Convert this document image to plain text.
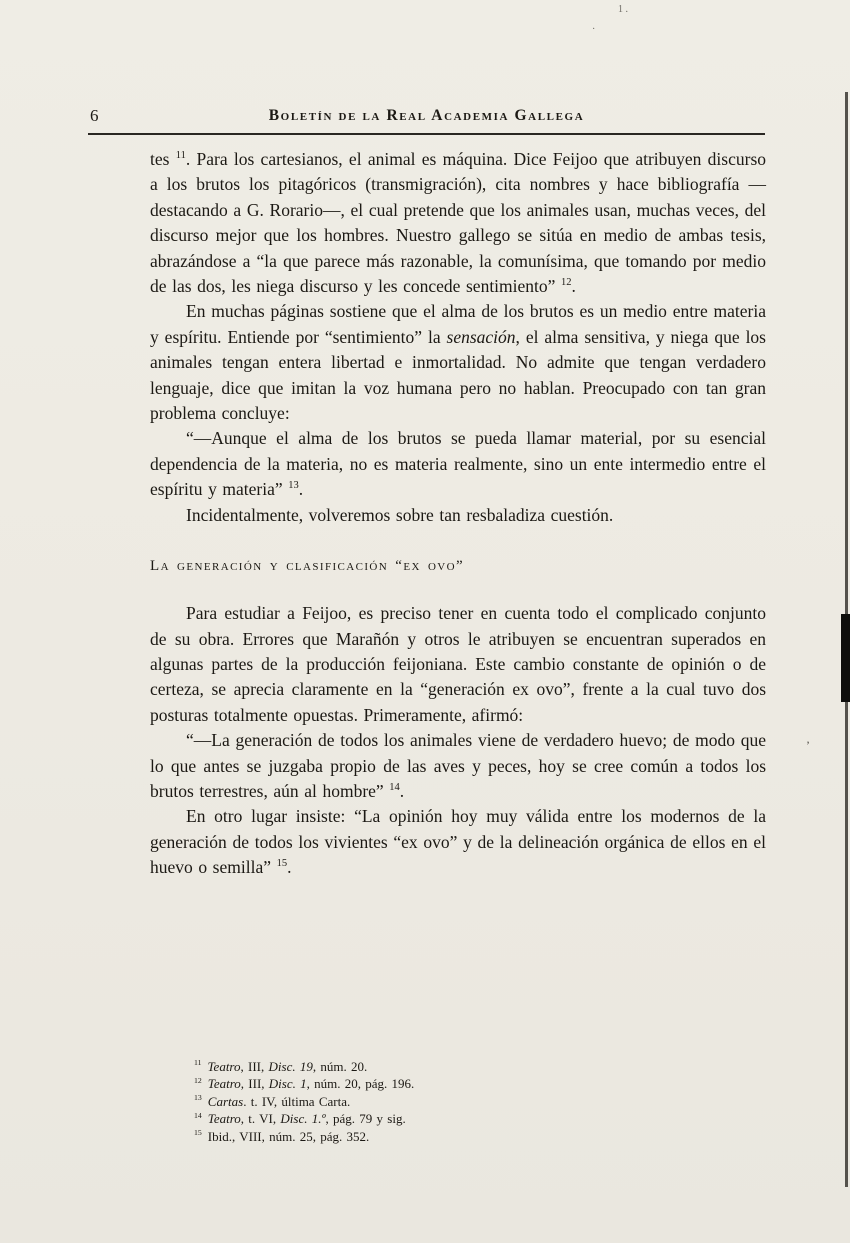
6	Boletín de la Real Academia Gallega

tes $^{11}$. Para los cartesianos, el animal es máquina. Dice Feijoo que atribuyen discurso a los brutos los pitagóricos (transmigración), cita nombres y hace bibliografía —destacando a G. Rorario—, el cual pretende que los animales usan, muchas veces, del discurso mejor que los hombres. Nuestro gallego se sitúa en medio de ambas tesis, abrazándose a “la que parece más razonable, la comunísima, que tomando por medio de las dos, les niega discurso y les concede sentimiento” $^{12}$.

En muchas páginas sostiene que el alma de los brutos es un medio entre materia y espíritu. Entiende por “sentimiento” la sensación, el alma sensitiva, y niega que los animales tengan entera libertad e inmortalidad. No admite que tengan verdadero lenguaje, dice que imitan la voz humana pero no hablan. Preocupado con tan gran problema concluye:

“—Aunque el alma de los brutos se pueda llamar material, por su esencial dependencia de la materia, no es materia realmente, sino un ente intermedio entre el espíritu y materia” $^{13}$.

Incidentalmente, volveremos sobre tan resbaladiza cuestión.

La generación y clasificación “ex ovo”

Para estudiar a Feijoo, es preciso tener en cuenta todo el complicado conjunto de su obra. Errores que Marañón y otros le atribuyen se encuentran superados en algunas partes de la producción feijoniana. Este cambio constante de opinión o de certeza, se aprecia claramente en la “generación ex ovo”, frente a la cual tuvo dos posturas totalmente opuestas. Primeramente, afirmó:

“—La generación de todos los animales viene de verdadero huevo; de modo que lo que antes se juzgaba propio de las aves y peces, hoy se cree común a todos los brutos terrestres, aún al hombre” $^{14}$.

En otro lugar insiste: “La opinión hoy muy válida entre los modernos de la generación de todos los vivientes “ex ovo” y de la delineación orgánica de ellos en el huevo o semilla” $^{15}$.

$^{11}$ Teatro, III, Disc. 19, núm. 20.
$^{12}$ Teatro, III, Disc. 1, núm. 20, pág. 196.
$^{13}$ Cartas. t. IV, última Carta.
$^{14}$ Teatro, t. VI, Disc. 1.º, pág. 79 y sig.
$^{15}$ Ibid., VIII, núm. 25, pág. 352.
1 .
·
’
